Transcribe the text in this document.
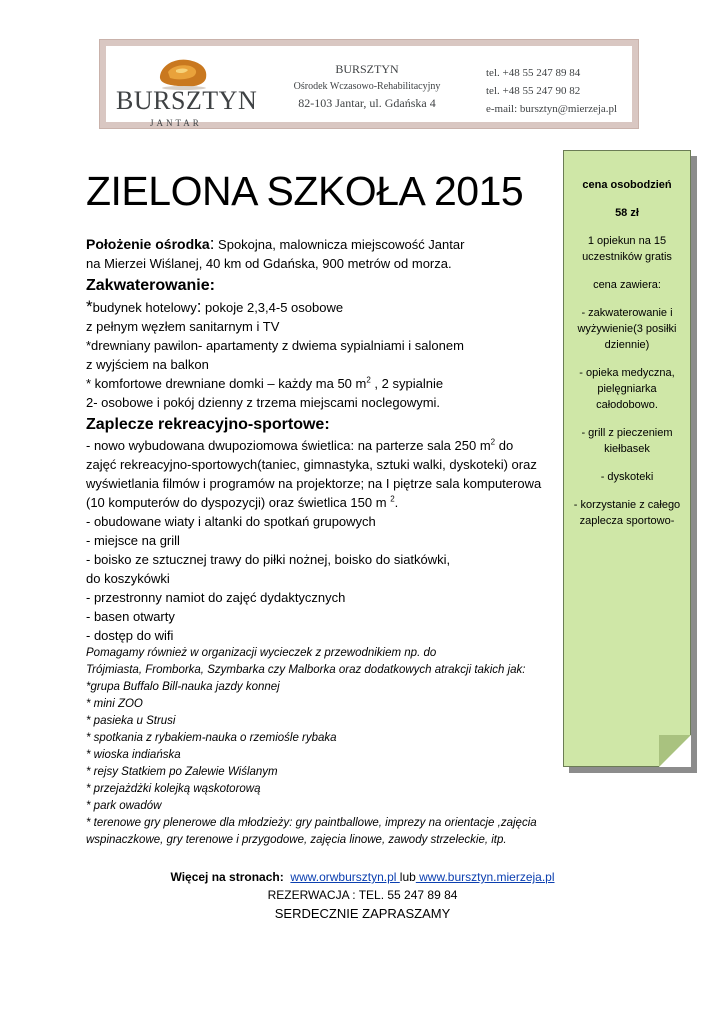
BURSZTYN
JANTAR
BURSZTYN
Ośrodek Wczasowo-Rehabilitacyjny
82-103 Jantar, ul. Gdańska 4
tel. +48 55 247 89 84
tel. +48 55 247 90 82
e-mail: bursztyn@mierzeja.pl
ZIELONA SZKOŁA 2015
Położenie ośrodka: Spokojna, malownicza miejscowość Jantar
na Mierzei Wiślanej, 40 km od Gdańska, 900 metrów od morza.
Zakwaterowanie:
*budynek hotelowy: pokoje 2,3,4-5 osobowe
z pełnym węzłem sanitarnym i TV
*drewniany pawilon- apartamenty z dwiema sypialniami i salonem
z wyjściem na balkon
* komfortowe drewniane domki – każdy ma 50 $m^2$ , 2 sypialnie
2- osobowe i pokój dzienny z trzema miejscami noclegowymi.
Zaplecze rekreacyjno-sportowe:
- nowo wybudowana dwupoziomowa świetlica: na parterze sala 250 $m^2$ do
zajęć rekreacyjno-sportowych(taniec, gimnastyka, sztuki walki, dyskoteki) oraz
wyświetlania filmów i programów na projektorze; na I piętrze sala komputerowa
(10 komputerów do dyspozycji) oraz świetlica 150 m $^2$.
- obudowane wiaty i altanki do spotkań grupowych
- miejsce na grill
- boisko ze sztucznej trawy do piłki nożnej, boisko do siatkówki,
do koszykówki
- przestronny namiot do zajęć dydaktycznych
- basen otwarty
- dostęp do wifi
Pomagamy również w organizacji wycieczek z przewodnikiem np. do
Trójmiasta, Fromborka, Szymbarka czy Malborka oraz dodatkowych atrakcji takich jak:
*grupa Buffalo Bill-nauka jazdy konnej
* mini ZOO
* pasieka u Strusi
* spotkania z rybakiem-nauka o rzemiośle rybaka
* wioska indiańska
* rejsy Statkiem po Zalewie Wiślanym
* przejażdżki kolejką wąskotorową
* park owadów
* terenowe gry plenerowe dla młodzieży: gry paintballowe, imprezy na orientacje ,zajęcia
wspinaczkowe, gry terenowe i przygodowe, zajęcia linowe, zawody strzeleckie, itp.
Więcej na stronach: www.orwbursztyn.pl lub www.bursztyn.mierzeja.pl
REZERWACJA : TEL. 55 247 89 84
SERDECZNIE ZAPRASZAMY

cena osobodzień

58 zł

1 opiekun na 15 uczestników gratis

cena zawiera:

- zakwaterowanie i wyżywienie(3 posiłki dziennie)

- opieka medyczna, pielęgniarka całodobowo.

- grill z pieczeniem kiełbasek

- dyskoteki

- korzystanie z całego zaplecza sportowo-
